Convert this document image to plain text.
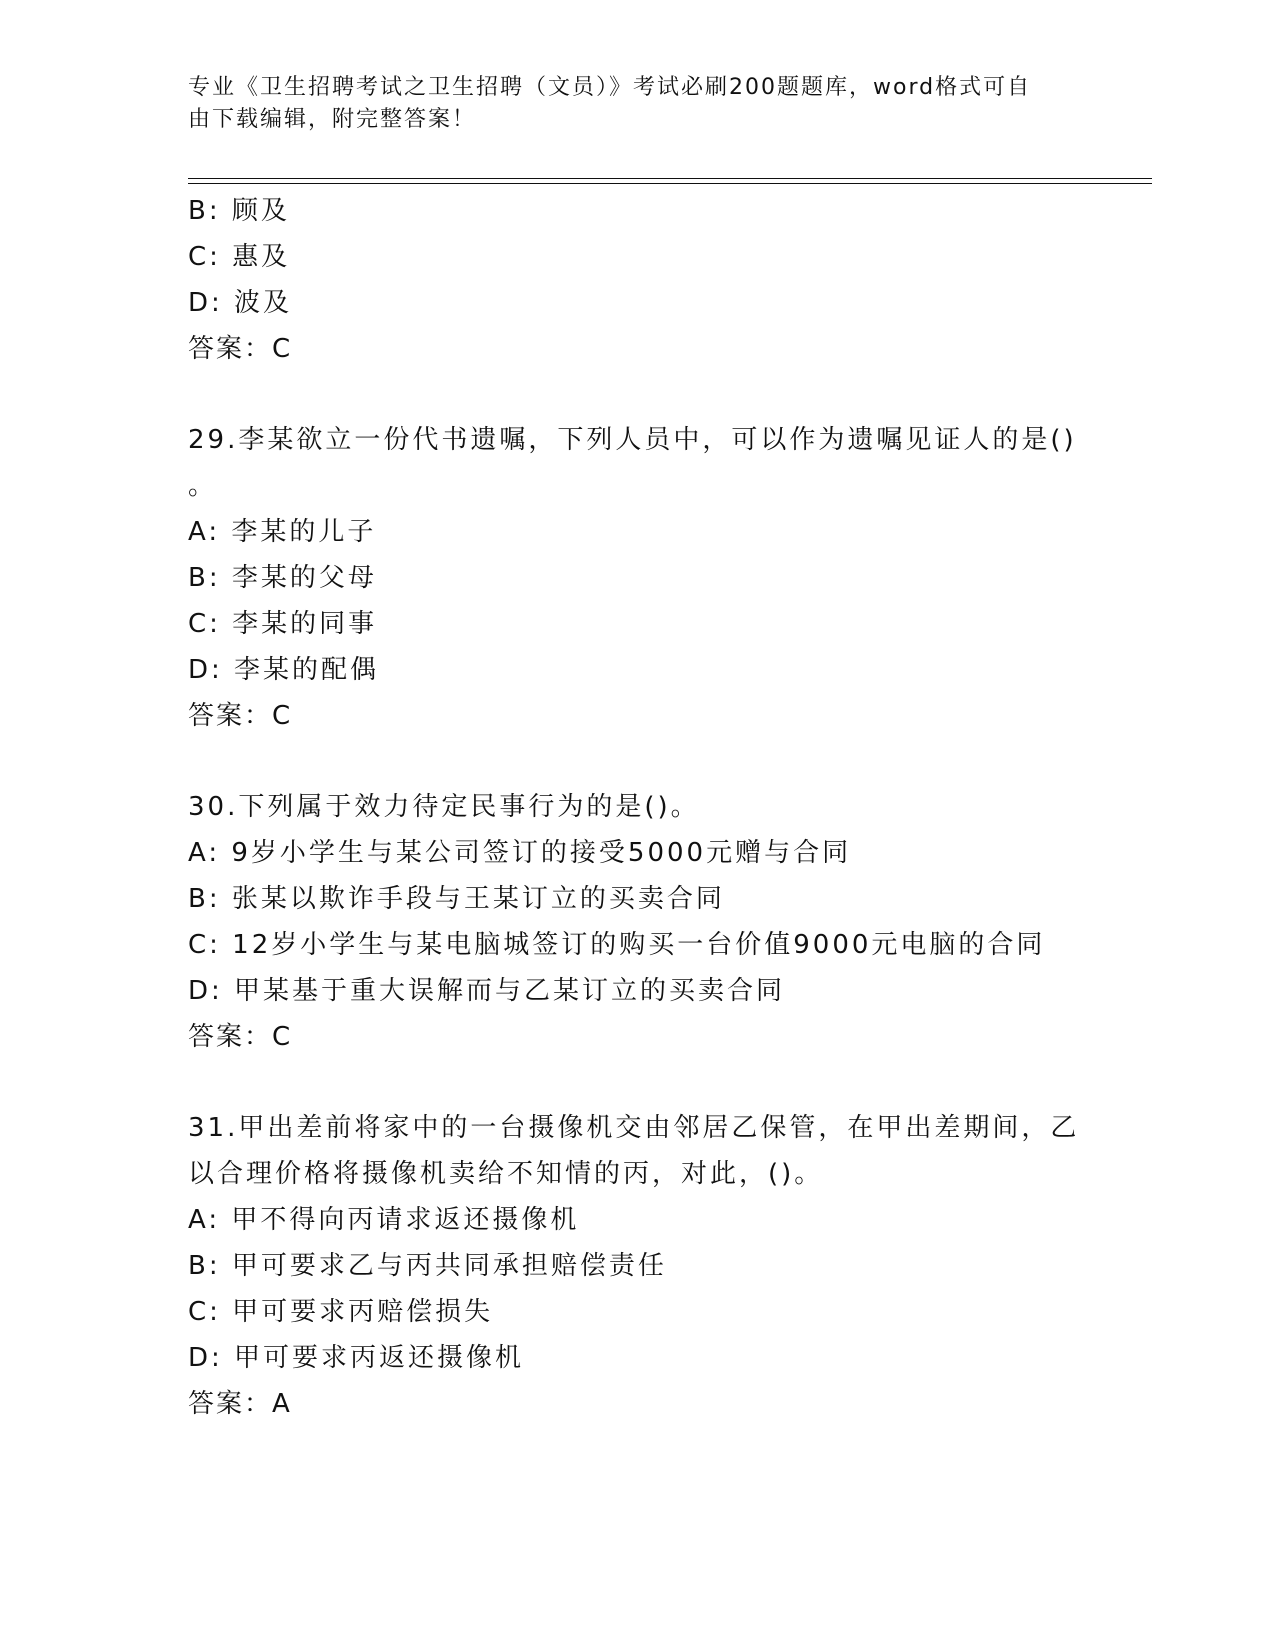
专业《卫生招聘考试之卫生招聘（文员）》考试必刷200题题库，word格式可自
由下载编辑，附完整答案！
B: 顾及
C: 惠及
D: 波及
答案：C
29.李某欲立一份代书遗嘱，下列人员中，可以作为遗嘱见证人的是()
。
A: 李某的儿子
B: 李某的父母
C: 李某的同事
D: 李某的配偶
答案：C
30.下列属于效力待定民事行为的是()。
A: 9岁小学生与某公司签订的接受5000元赠与合同
B: 张某以欺诈手段与王某订立的买卖合同
C: 12岁小学生与某电脑城签订的购买一台价值9000元电脑的合同
D: 甲某基于重大误解而与乙某订立的买卖合同
答案：C
31.甲出差前将家中的一台摄像机交由邻居乙保管，在甲出差期间，乙
以合理价格将摄像机卖给不知情的丙，对此，()。
A: 甲不得向丙请求返还摄像机
B: 甲可要求乙与丙共同承担赔偿责任
C: 甲可要求丙赔偿损失
D: 甲可要求丙返还摄像机
答案：A
